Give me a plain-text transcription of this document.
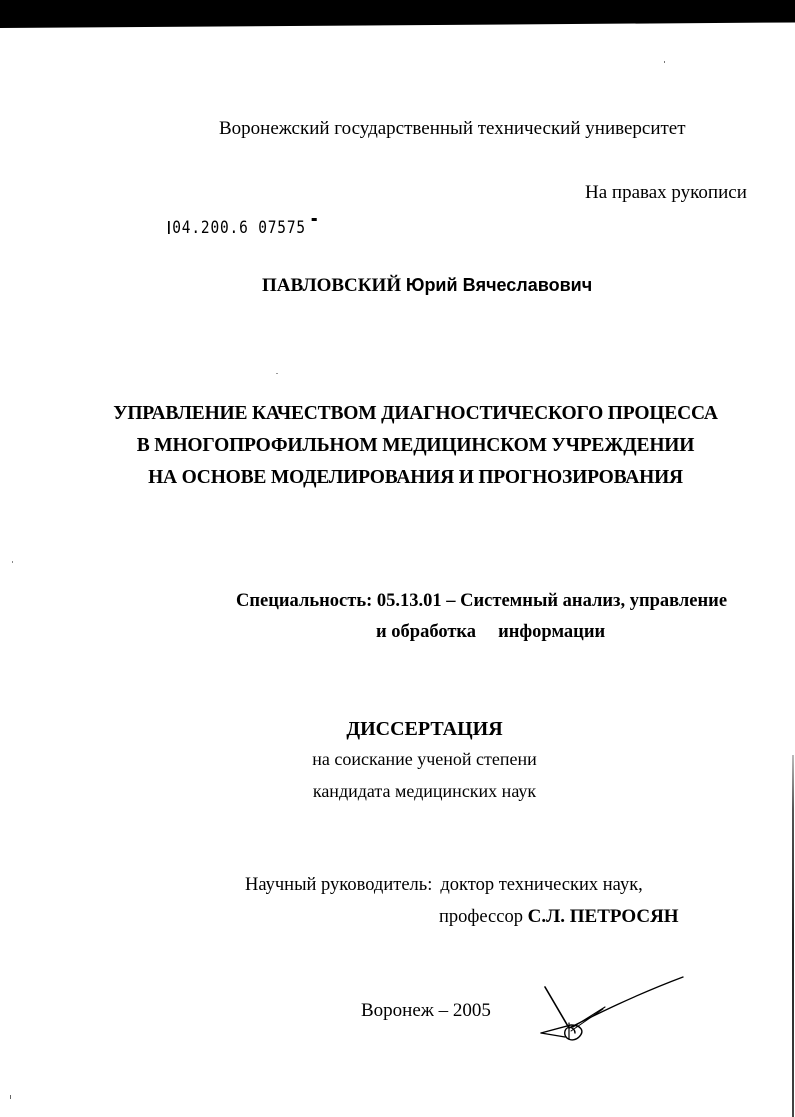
Воронежский государственный технический университет
На правах рукописи
04.200.6 07575
ПАВЛОВСКИЙ Юрий Вячеславович
УПРАВЛЕНИЕ КАЧЕСТВОМ ДИАГНОСТИЧЕСКОГО ПРОЦЕССА
В МНОГОПРОФИЛЬНОМ МЕДИЦИНСКОМ УЧРЕЖДЕНИИ
НА ОСНОВЕ МОДЕЛИРОВАНИЯ И ПРОГНОЗИРОВАНИЯ
Специальность: 05.13.01 – Системный анализ, управление
и обработка информации
ДИССЕРТАЦИЯ
на соискание ученой степени
кандидата медицинских наук
Научный руководитель: доктор технических наук,
профессор С.Л. ПЕТРОСЯН
Воронеж – 2005
